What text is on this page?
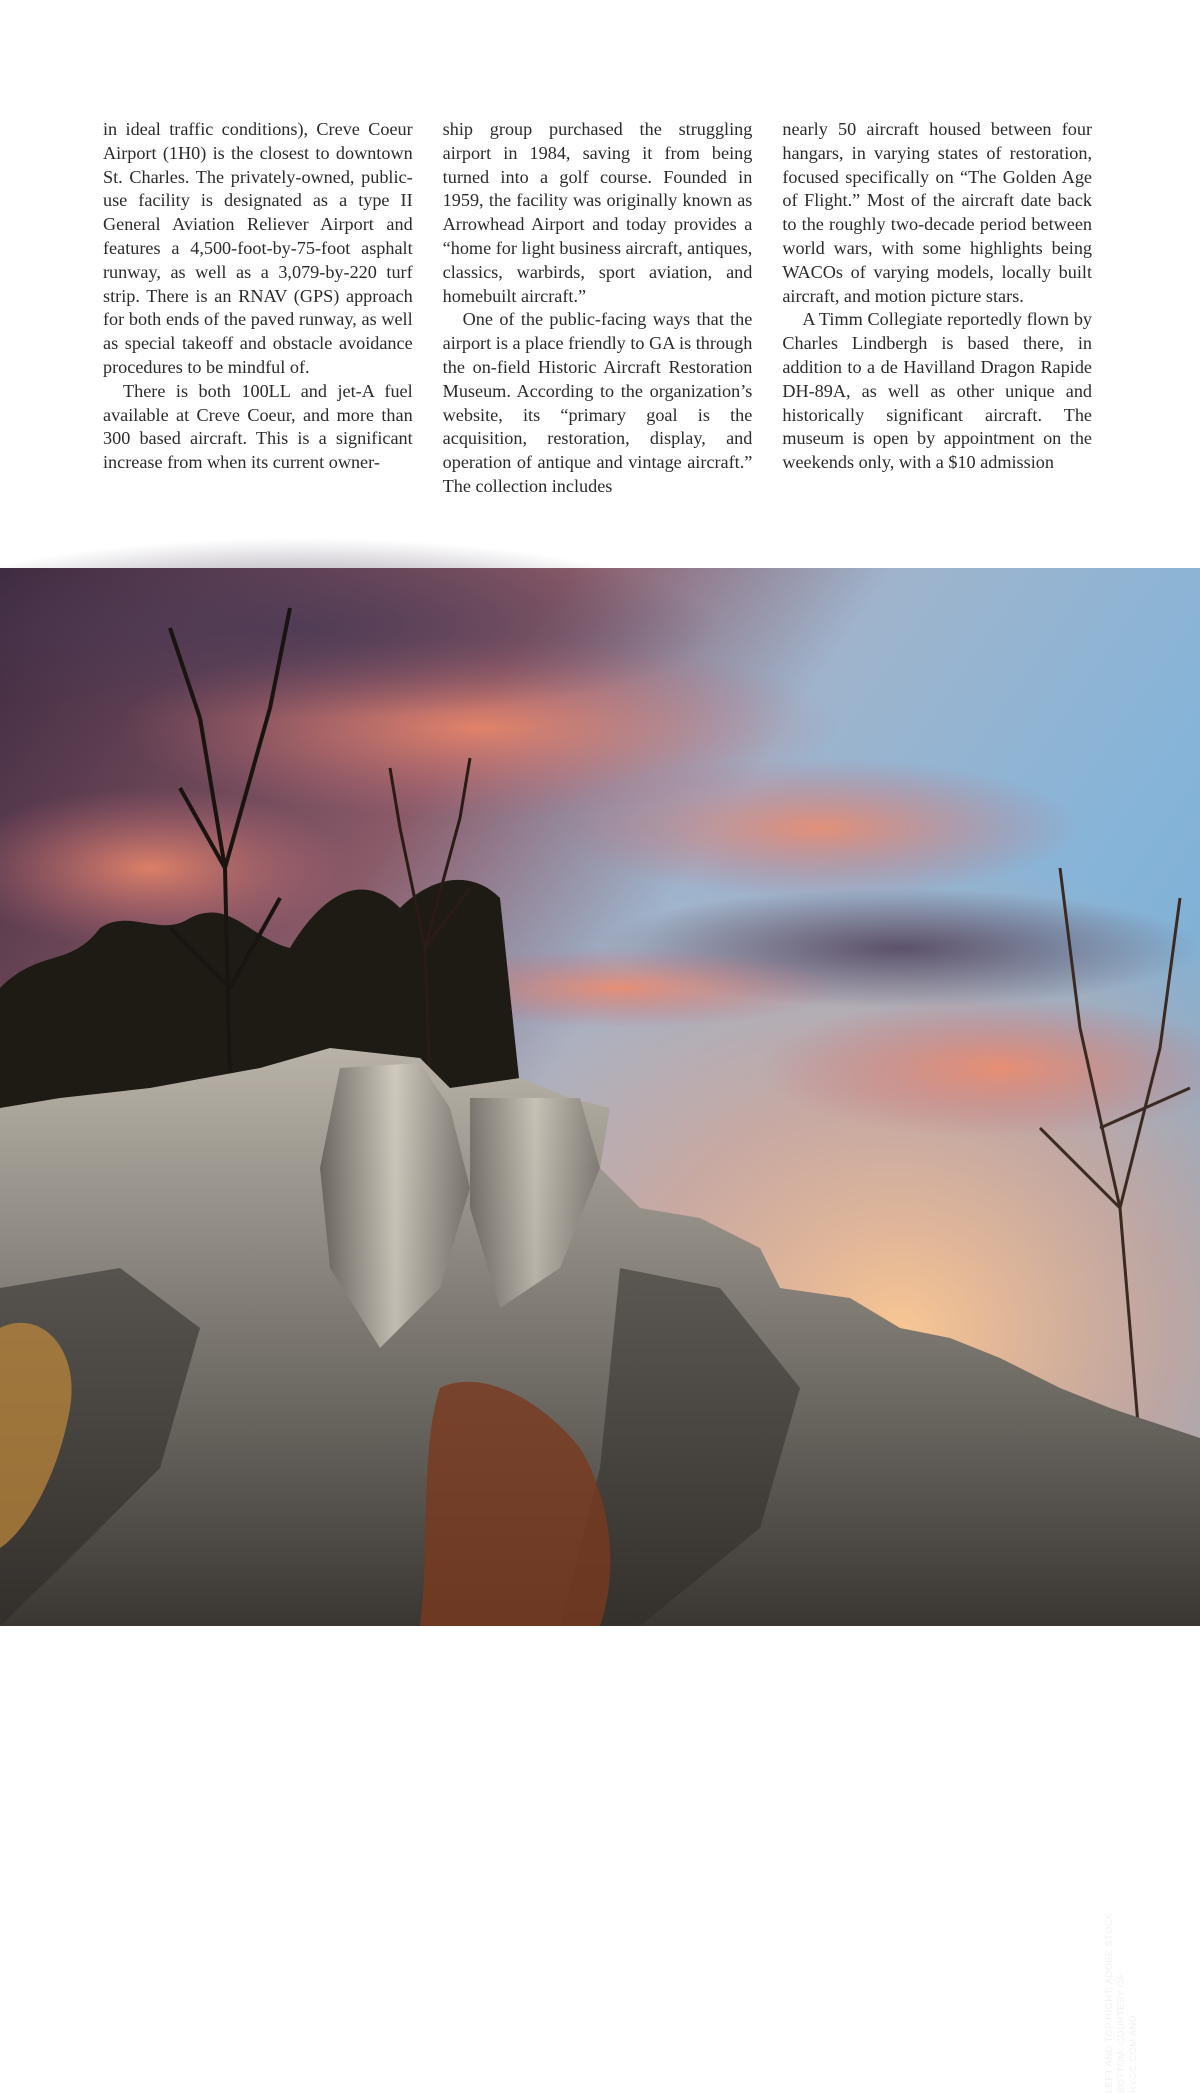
in ideal traffic conditions), Creve Coeur Airport (1H0) is the closest to downtown St. Charles. The privately-owned, public-use facility is designated as a type II General Aviation Reliever Airport and features a 4,500-foot-by-75-foot asphalt runway, as well as a 3,079-by-220 turf strip. There is an RNAV (GPS) approach for both ends of the paved runway, as well as special takeoff and obstacle avoidance procedures to be mindful of.

There is both 100LL and jet-A fuel available at Creve Coeur, and more than 300 based aircraft. This is a significant increase from when its current owner-

ship group purchased the struggling airport in 1984, saving it from being turned into a golf course. Founded in 1959, the facility was originally known as Arrowhead Airport and today provides a “home for light business aircraft, antiques, classics, warbirds, sport aviation, and homebuilt aircraft.”

One of the public-facing ways that the airport is a place friendly to GA is through the on-field Historic Aircraft Restoration Museum. According to the organization’s website, its “primary goal is the acquisition, restoration, display, and operation of antique and vintage aircraft.” The collection includes

nearly 50 aircraft housed between four hangars, in varying states of restoration, focused specifically on “The Golden Age of Flight.” Most of the aircraft date back to the roughly two-decade period between world wars, with some highlights being WACOs of varying models, locally built aircraft, and motion picture stars.

A Timm Collegiate reportedly flown by Charles Lindbergh is based there, in addition to a de Havilland Dragon Rapide DH-89A, as well as other unique and historically significant aircraft. The museum is open by appointment on the weekends only, with a $10 admission

LEFT AND TOP RIGHT: ADOBE STOCK BOTTOM: COURTESY OF RYGC.COM AND
